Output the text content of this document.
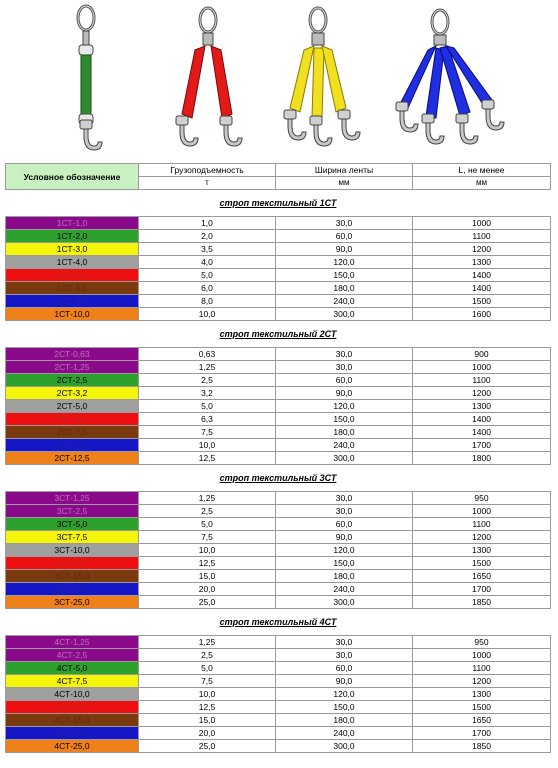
Условное обозначение	Грузоподъемность	Ширина ленты	L, не менее
	т	мм	мм
строп текстильный 1СТ			
1СТ-1,0	1,0	30,0	1000
1СТ-2,0	2,0	60,0	1100
1СТ-3,0	3,5	90,0	1200
1СТ-4,0	4,0	120,0	1300
1СТ-5,0	5,0	150,0	1400
1СТ-6,0	6,0	180,0	1400
1СТ-8,0	8,0	240,0	1500
1СТ-10,0	10,0	300,0	1600
строп текстильный 2СТ			
2СТ-0,63	0,63	30,0	900
2СТ-1,25	1,25	30,0	1000
2СТ-2,5	2,5	60,0	1100
2СТ-3,2	3,2	90,0	1200
2СТ-5,0	5,0	120,0	1300
2СТ-6,3	6,3	150,0	1400
2СТ-7,5	7,5	180,0	1400
2СТ-10,0	10,0	240,0	1700
2СТ-12,5	12,5	300,0	1800
строп текстильный 3СТ			
3СТ-1,25	1,25	30,0	950
3СТ-2,5	2,5	30,0	1000
3СТ-5,0	5,0	60,0	1100
3СТ-7,5	7,5	90,0	1200
3СТ-10,0	10,0	120,0	1300
3СТ-12,5	12,5	150,0	1500
3СТ-15,0	15,0	180,0	1650
3СТ-20,0	20,0	240,0	1700
3СТ-25,0	25,0	300,0	1850
строп текстильный 4СТ			
4СТ-1,25	1,25	30,0	950
4СТ-2,5	2,5	30,0	1000
4СТ-5,0	5,0	60,0	1100
4СТ-7,5	7,5	90,0	1200
4СТ-10,0	10,0	120,0	1300
4СТ-12,5	12,5	150,0	1500
4СТ-15,0	15,0	180,0	1650
4СТ-20,0	20,0	240,0	1700
4СТ-25,0	25,0	300,0	1850
